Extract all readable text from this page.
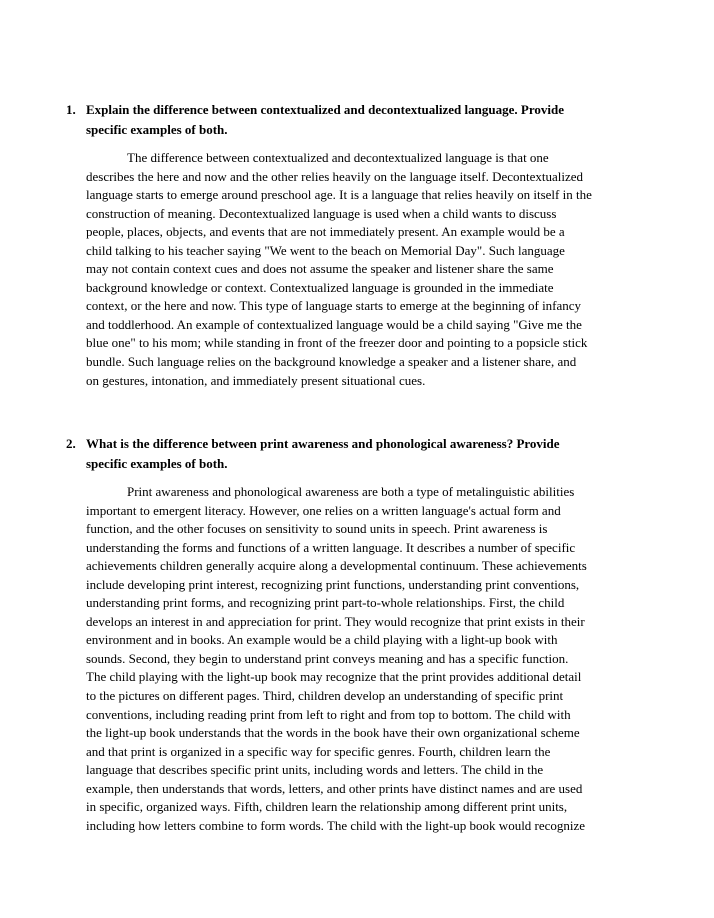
1. Explain the difference between contextualized and decontextualized language. Provide
specific examples of both.
The difference between contextualized and decontextualized language is that one
describes the here and now and the other relies heavily on the language itself. Decontextualized
language starts to emerge around preschool age. It is a language that relies heavily on itself in the
construction of meaning. Decontextualized language is used when a child wants to discuss
people, places, objects, and events that are not immediately present. An example would be a
child talking to his teacher saying "We went to the beach on Memorial Day". Such language
may not contain context cues and does not assume the speaker and listener share the same
background knowledge or context. Contextualized language is grounded in the immediate
context, or the here and now. This type of language starts to emerge at the beginning of infancy
and toddlerhood. An example of contextualized language would be a child saying "Give me the
blue one" to his mom; while standing in front of the freezer door and pointing to a popsicle stick
bundle. Such language relies on the background knowledge a speaker and a listener share, and
on gestures, intonation, and immediately present situational cues.
2. What is the difference between print awareness and phonological awareness? Provide
specific examples of both.
Print awareness and phonological awareness are both a type of metalinguistic abilities
important to emergent literacy. However, one relies on a written language's actual form and
function, and the other focuses on sensitivity to sound units in speech. Print awareness is
understanding the forms and functions of a written language. It describes a number of specific
achievements children generally acquire along a developmental continuum. These achievements
include developing print interest, recognizing print functions, understanding print conventions,
understanding print forms, and recognizing print part-to-whole relationships. First, the child
develops an interest in and appreciation for print. They would recognize that print exists in their
environment and in books. An example would be a child playing with a light-up book with
sounds. Second, they begin to understand print conveys meaning and has a specific function.
The child playing with the light-up book may recognize that the print provides additional detail
to the pictures on different pages. Third, children develop an understanding of specific print
conventions, including reading print from left to right and from top to bottom. The child with
the light-up book understands that the words in the book have their own organizational scheme
and that print is organized in a specific way for specific genres. Fourth, children learn the
language that describes specific print units, including words and letters. The child in the
example, then understands that words, letters, and other prints have distinct names and are used
in specific, organized ways. Fifth, children learn the relationship among different print units,
including how letters combine to form words. The child with the light-up book would recognize
